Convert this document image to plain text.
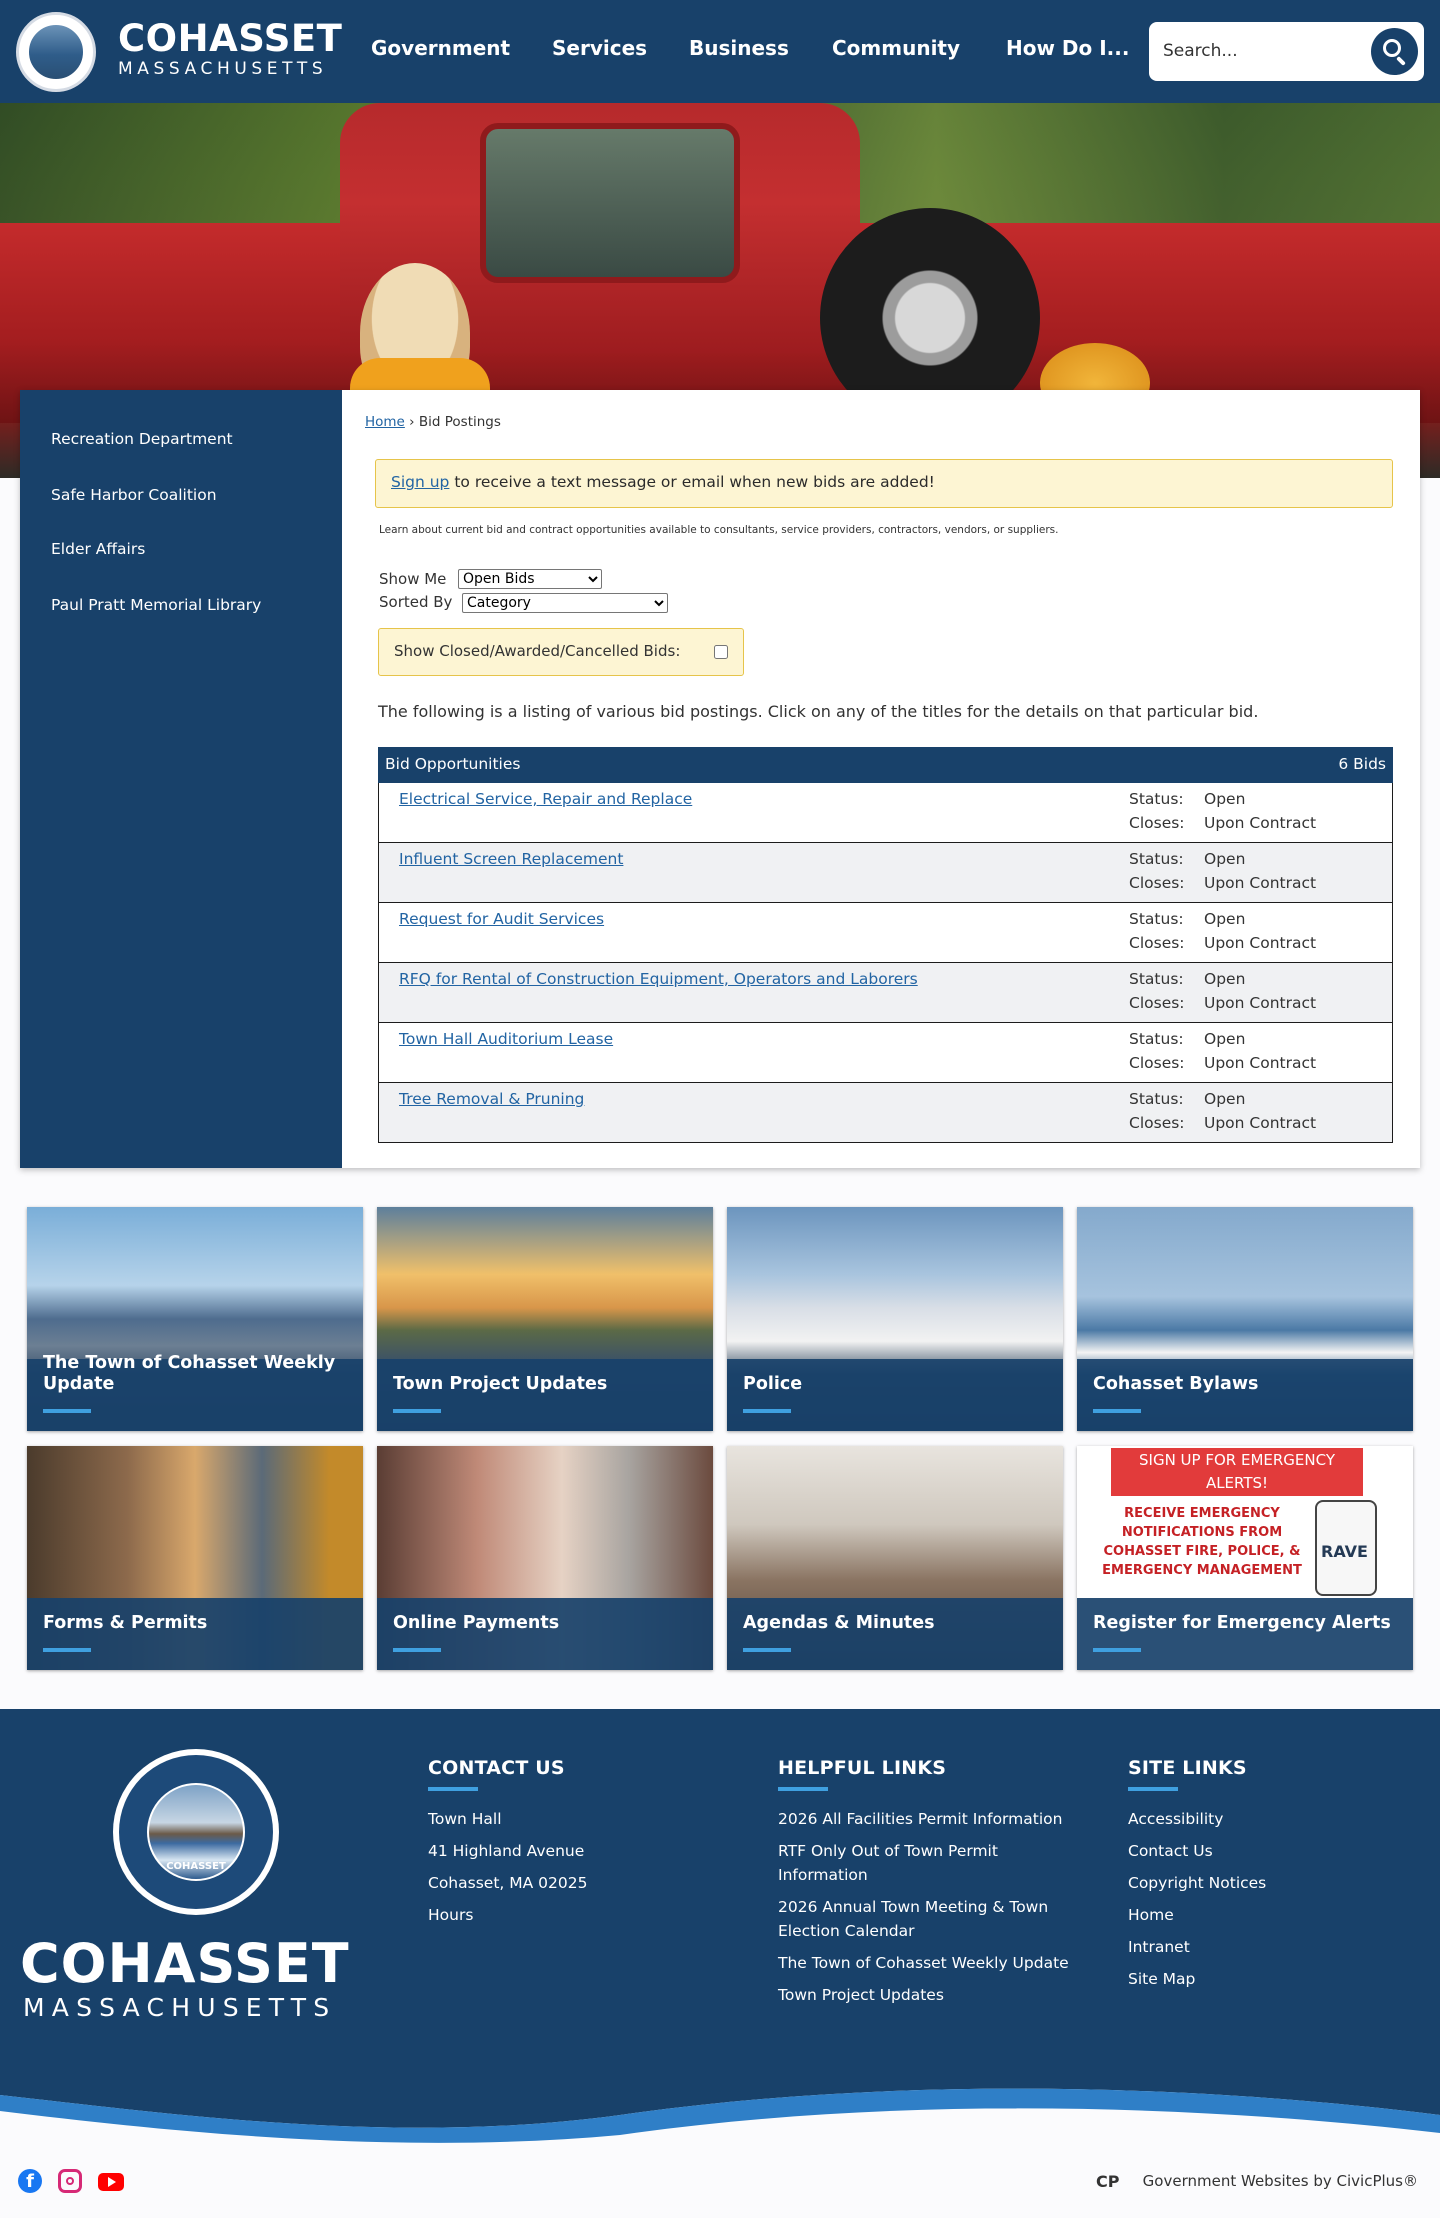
COHASSET
MASSACHUSETTS
Government Services Business Community How Do I...
Search...
Recreation Department
Safe Harbor Coalition
Elder Affairs
Paul Pratt Memorial Library
Home › Bid Postings
Sign up to receive a text message or email when new bids are added!
Learn about current bid and contract opportunities available to consultants, service providers, contractors, vendors, or suppliers.
Show Me
Open Bids
Sorted By
Category
Show Closed/Awarded/Cancelled Bids:
The following is a listing of various bid postings. Click on any of the titles for the details on that particular bid.
Bid Opportunities	6 Bids
Electrical Service, Repair and Replace	Status: Open
Closes: Upon Contract
Influent Screen Replacement	Status: Open
Closes: Upon Contract
Request for Audit Services	Status: Open
Closes: Upon Contract
RFQ for Rental of Construction Equipment, Operators and Laborers	Status: Open
Closes: Upon Contract
Town Hall Auditorium Lease	Status: Open
Closes: Upon Contract
Tree Removal & Pruning	Status: Open
Closes: Upon Contract
The Town of Cohasset Weekly Update	Town Project Updates	Police	Cohasset Bylaws
Forms & Permits	Online Payments	Agendas & Minutes
SIGN UP FOR EMERGENCY ALERTS!
RECEIVE EMERGENCY NOTIFICATIONS FROM COHASSET FIRE, POLICE, & EMERGENCY MANAGEMENT
RAVE
Register for Emergency Alerts
COHASSET
COHASSET
MASSACHUSETTS
CONTACT US
Town Hall
41 Highland Avenue
Cohasset, MA 02025
Hours
HELPFUL LINKS
2026 All Facilities Permit Information
RTF Only Out of Town Permit Information
2026 Annual Town Meeting & Town Election Calendar
The Town of Cohasset Weekly Update
Town Project Updates
SITE LINKS
Accessibility
Contact Us
Copyright Notices
Home
Intranet
Site Map
f	CP Government Websites by CivicPlus®
